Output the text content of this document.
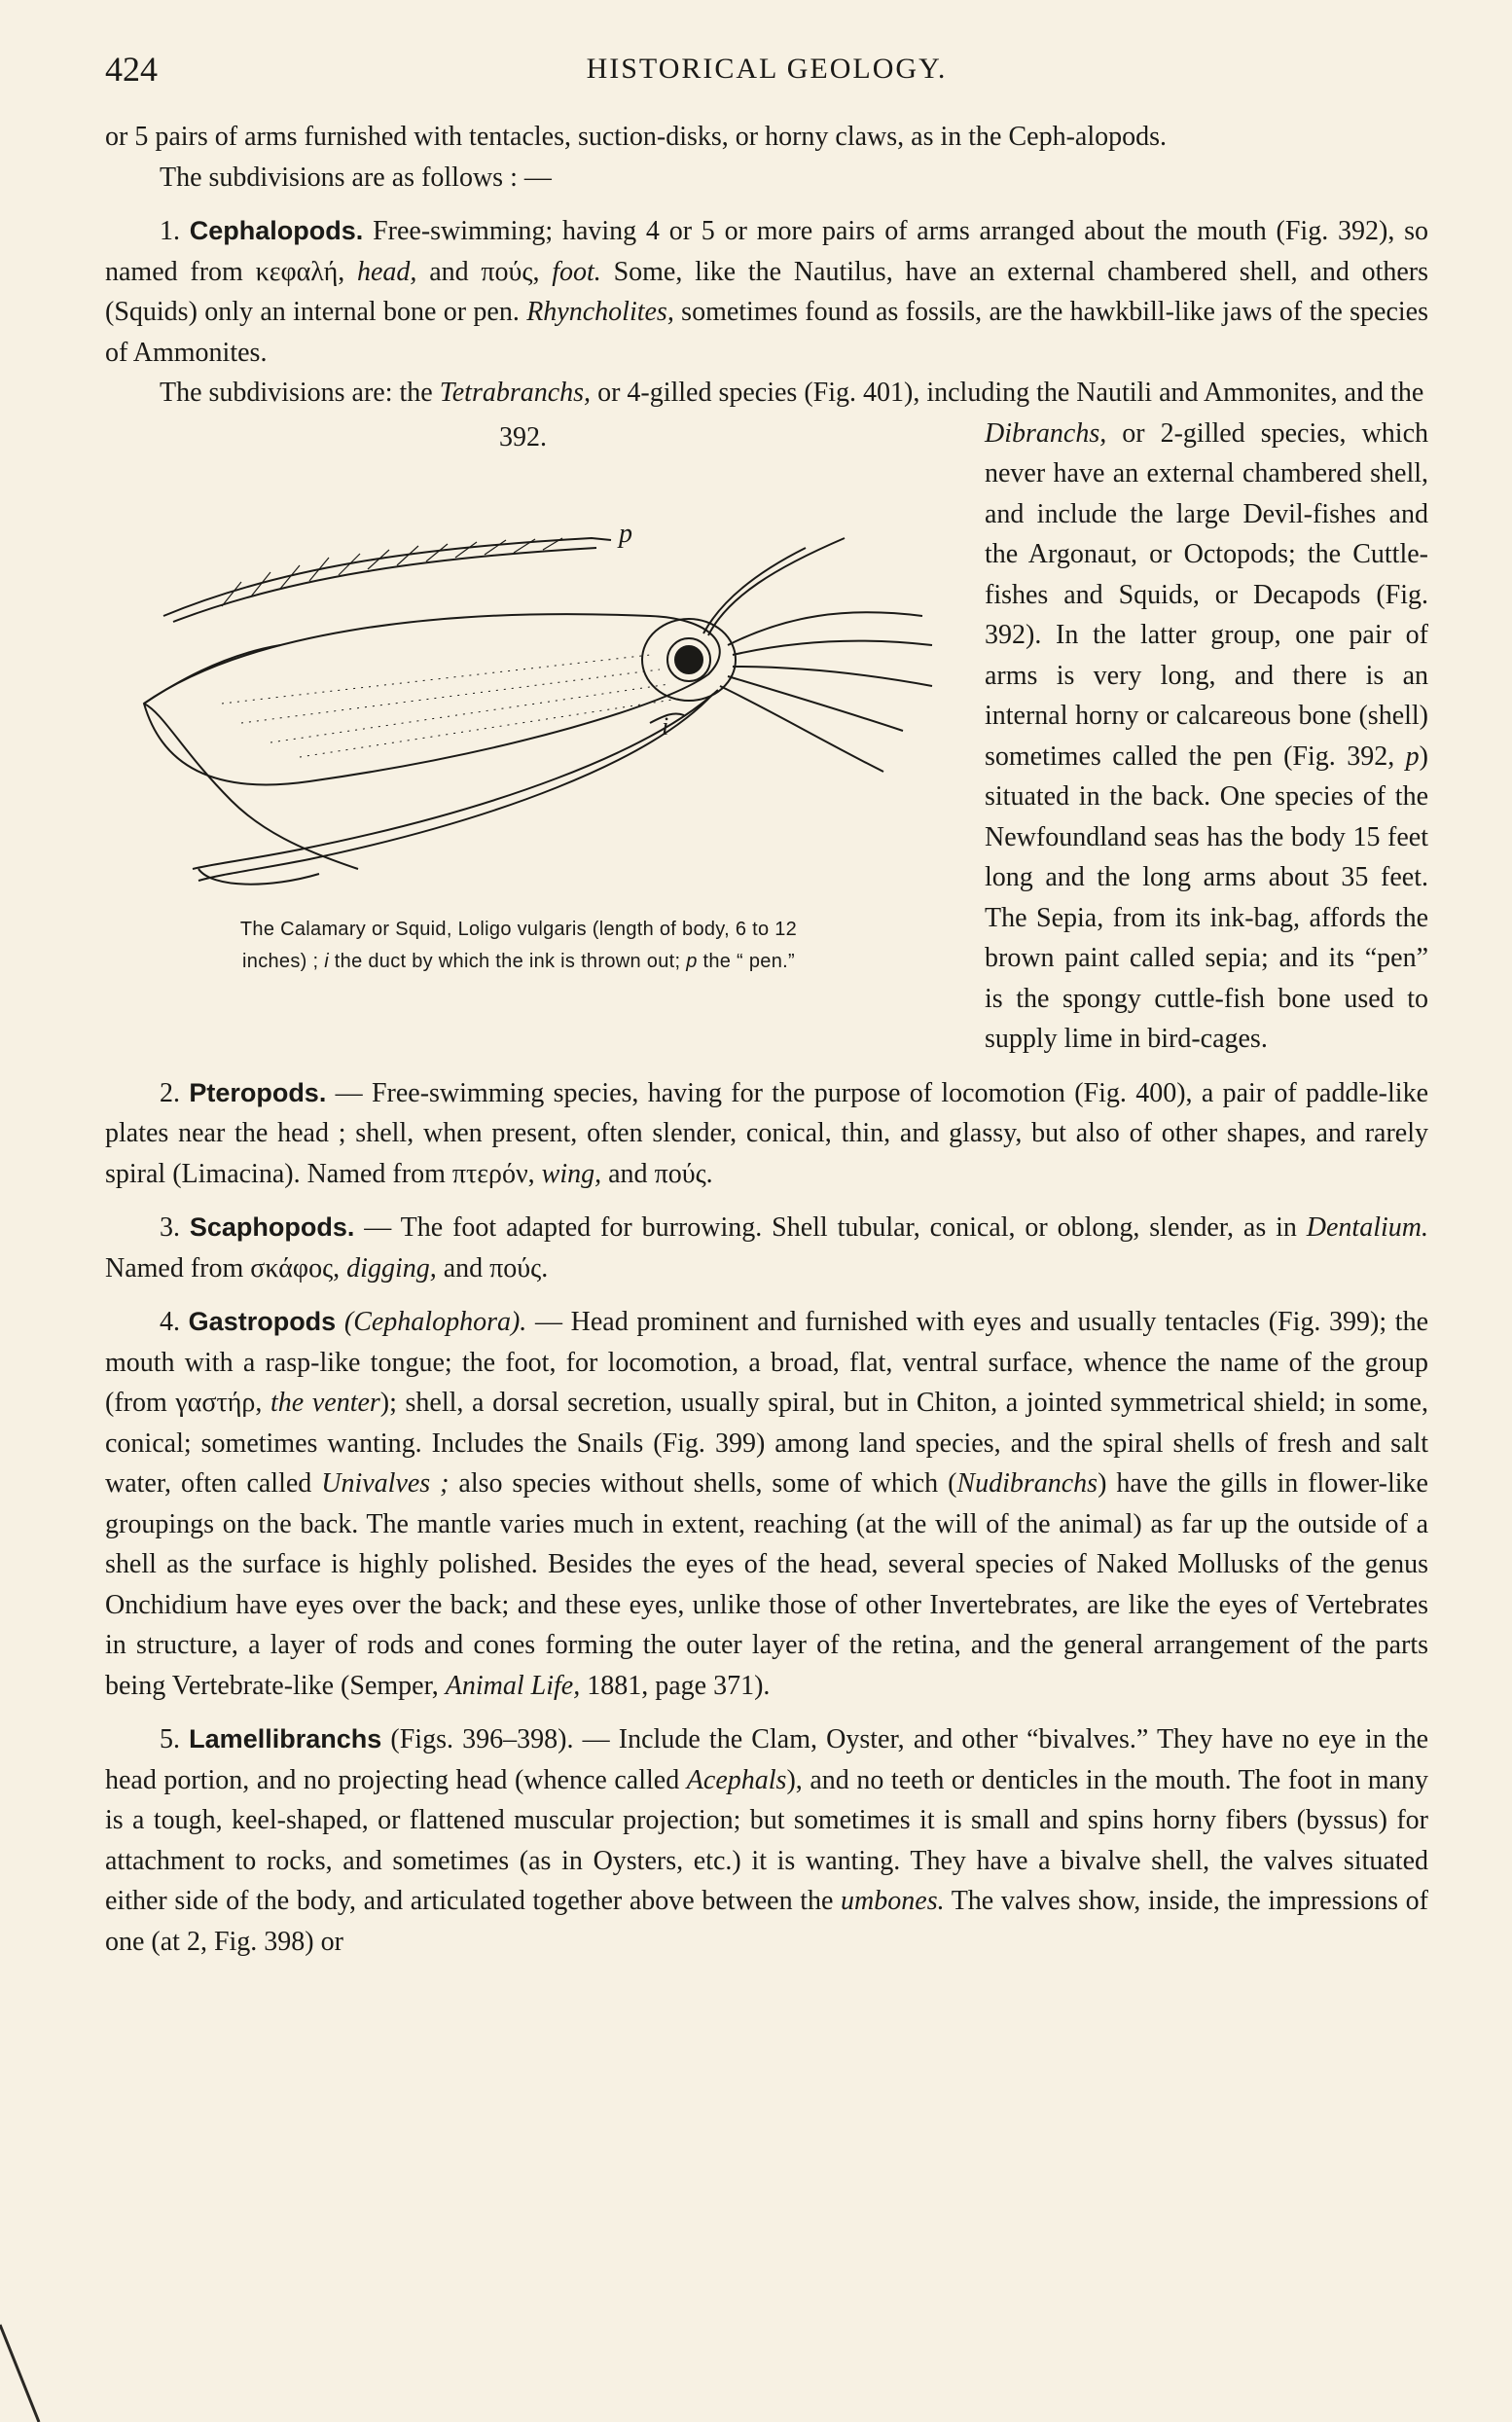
424	HISTORICAL GEOLOGY.

or 5 pairs of arms furnished with tentacles, suction-disks, or horny claws, as in the Ceph-alopods.

The subdivisions are as follows : —

1. Cephalopods. Free-swimming; having 4 or 5 or more pairs of arms arranged about the mouth (Fig. 392), so named from κεφαλή, head, and πούς, foot. Some, like the Nautilus, have an external chambered shell, and others (Squids) only an internal bone or pen. Rhyncholites, sometimes found as fossils, are the hawkbill-like jaws of the species of Ammonites.

The subdivisions are: the Tetrabranchs, or 4-gilled species (Fig. 401), including the Nautili and Ammonites, and the

392.
p
i
The Calamary or Squid, Loligo vulgaris (length of body, 6 to 12
inches) ; i the duct by which the ink is thrown out; p the “ pen.”

Dibranchs, or 2-gilled species, which never have an external chambered shell, and include the large Devil-fishes and the Argonaut, or Octopods; the Cuttle-fishes and Squids, or Decapods (Fig. 392). In the latter group, one pair of arms is very long, and there is an internal horny or calcareous bone (shell) sometimes called the pen (Fig. 392, p) situated in the back. One species of the Newfoundland seas has the body 15 feet long and the long arms about 35 feet. The Sepia, from its ink-bag, affords the brown paint called sepia; and its “pen” is the spongy cuttle-fish bone used to supply lime in bird-cages.

2. Pteropods. — Free-swimming species, having for the purpose of locomotion (Fig. 400), a pair of paddle-like plates near the head ; shell, when present, often slender, conical, thin, and glassy, but also of other shapes, and rarely spiral (Limacina). Named from πτερόν, wing, and πούς.

3. Scaphopods. — The foot adapted for burrowing. Shell tubular, conical, or oblong, slender, as in Dentalium. Named from σκάφος, digging, and πούς.

4. Gastropods (Cephalophora). — Head prominent and furnished with eyes and usually tentacles (Fig. 399); the mouth with a rasp-like tongue; the foot, for locomotion, a broad, flat, ventral surface, whence the name of the group (from γαστήρ, the venter); shell, a dorsal secretion, usually spiral, but in Chiton, a jointed symmetrical shield; in some, conical; sometimes wanting. Includes the Snails (Fig. 399) among land species, and the spiral shells of fresh and salt water, often called Univalves ; also species without shells, some of which (Nudibranchs) have the gills in flower-like groupings on the back. The mantle varies much in extent, reaching (at the will of the animal) as far up the outside of a shell as the surface is highly polished. Besides the eyes of the head, several species of Naked Mollusks of the genus Onchidium have eyes over the back; and these eyes, unlike those of other Invertebrates, are like the eyes of Vertebrates in structure, a layer of rods and cones forming the outer layer of the retina, and the general arrangement of the parts being Vertebrate-like (Semper, Animal Life, 1881, page 371).

5. Lamellibranchs (Figs. 396–398). — Include the Clam, Oyster, and other “bivalves.” They have no eye in the head portion, and no projecting head (whence called Acephals), and no teeth or denticles in the mouth. The foot in many is a tough, keel-shaped, or flattened muscular projection; but sometimes it is small and spins horny fibers (byssus) for attachment to rocks, and sometimes (as in Oysters, etc.) it is wanting. They have a bivalve shell, the valves situated either side of the body, and articulated together above between the umbones. The valves show, inside, the impressions of one (at 2, Fig. 398) or
